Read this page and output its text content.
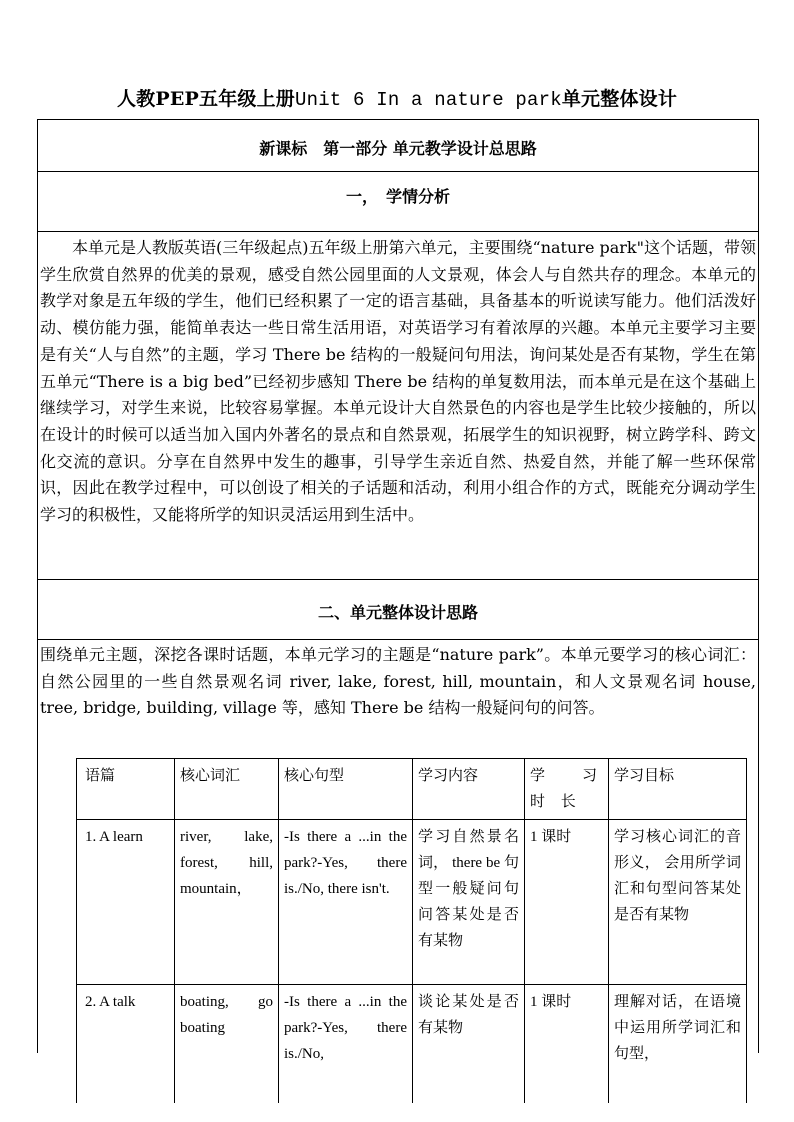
人教PEP五年级上册Unit 6 In a nature park单元整体设计
新课标　第一部分 单元教学设计总思路
一，　学情分析

本单元是人教版英语(三年级起点)五年级上册第六单元，主要围绕“nature park"这个话题，带领学生欣赏自然界的优美的景观，感受自然公园里面的人文景观，体会人与自然共存的理念。本单元的教学对象是五年级的学生，他们已经积累了一定的语言基础，具备基本的听说读写能力。他们活泼好动、模仿能力强，能简单表达一些日常生活用语，对英语学习有着浓厚的兴趣。本单元主要学习主要是有关“人与自然”的主题，学习 There be 结构的一般疑问句用法，询问某处是否有某物，学生在第五单元“There is a big bed”已经初步感知 There be 结构的单复数用法，而本单元是在这个基础上继续学习，对学生来说，比较容易掌握。本单元设计大自然景色的内容也是学生比较少接触的，所以在设计的时候可以适当加入国内外著名的景点和自然景观，拓展学生的知识视野，树立跨学科、跨文化交流的意识。分享在自然界中发生的趣事，引导学生亲近自然、热爱自然，并能了解一些环保常识，因此在教学过程中，可以创设了相关的子话题和活动，利用小组合作的方式，既能充分调动学生学习的积极性，又能将所学的知识灵活运用到生活中。

二、单元整体设计思路

围绕单元主题，深挖各课时话题，本单元学习的主题是“nature park”。本单元要学习的核心词汇：自然公园里的一些自然景观名词 river, lake, forest, hill, mountain，和人文景观名词 house, tree, bridge, building, village 等，感知 There be 结构一般疑问句的问答。

语篇	核心词汇	核心句型	学习内容	学 习 时 长	学习目标
1. A learn	river, lake, forest, hill, mountain，	-Is there a ...in the park?-Yes, there is./No, there isn't.	学习自然景名词， there be 句型一般疑问句问答某处是否有某物	1 课时	学习核心词汇的音形义， 会用所学词汇和句型问答某处是否有某物
2. A talk	boating, go boating	-Is there a ...in the park?-Yes, there is./No,	谈论某处是否有某物	1 课时	理解对话，在语境中运用所学词汇和句型，
